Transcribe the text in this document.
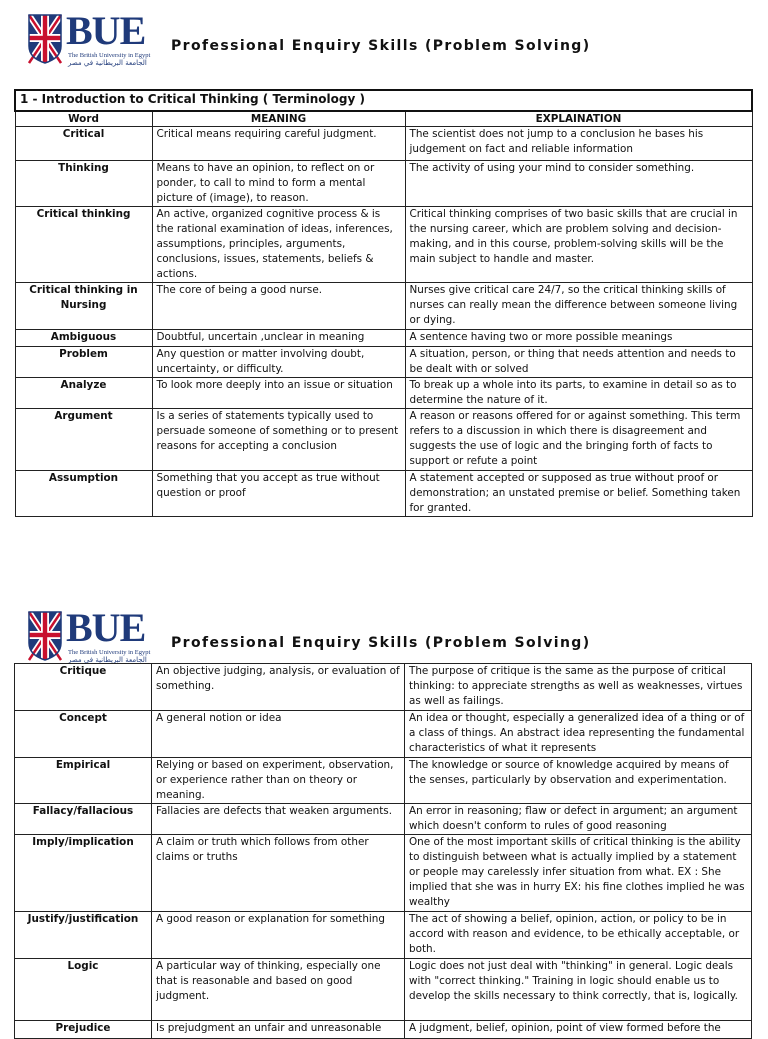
BUE
The British University in Egypt
الجامعة البريطانية في مصر
Professional Enquiry Skills (Problem Solving)
1 - Introduction to Critical Thinking ( Terminology )		
Word	MEANING	EXPLAINATION
Critical	Critical means requiring careful judgment.	The scientist does not jump to a conclusion he bases his judgement on fact and reliable information
Thinking	Means to have an opinion, to reflect on or ponder, to call to mind to form a mental picture of (image), to reason.	The activity of using your mind to consider something.
Critical thinking	An active, organized cognitive process & is the rational examination of ideas, inferences, assumptions, principles, arguments, conclusions, issues, statements, beliefs & actions.	Critical thinking comprises of two basic skills that are crucial in the nursing career, which are problem solving and decision-making, and in this course, problem-solving skills will be the main subject to handle and master.
Critical thinking in Nursing	The core of being a good nurse.	Nurses give critical care 24/7, so the critical thinking skills of nurses can really mean the difference between someone living or dying.
Ambiguous	Doubtful, uncertain ,unclear in meaning	A sentence having two or more possible meanings
Problem	Any question or matter involving doubt, uncertainty, or difficulty.	A situation, person, or thing that needs attention and needs to be dealt with or solved
Analyze	To look more deeply into an issue or situation	To break up a whole into its parts, to examine in detail so as to determine the nature of it.
Argument	Is a series of statements typically used to persuade someone of something or to present reasons for accepting a conclusion	A reason or reasons offered for or against something. This term refers to a discussion in which there is disagreement and suggests the use of logic and the bringing forth of facts to support or refute a point
Assumption	Something that you accept as true without question or proof	A statement accepted or supposed as true without proof or demonstration; an unstated premise or belief. Something taken for granted.
BUE
The British University in Egypt
الجامعة البريطانية في مصر
Professional Enquiry Skills (Problem Solving)
Critique	An objective judging, analysis, or evaluation of something.	The purpose of critique is the same as the purpose of critical thinking: to appreciate strengths as well as weaknesses, virtues as well as failings.
Concept	A general notion or idea	An idea or thought, especially a generalized idea of a thing or of a class of things. An abstract idea representing the fundamental characteristics of what it represents
Empirical	Relying or based on experiment, observation, or experience rather than on theory or meaning.	The knowledge or source of knowledge acquired by means of the senses, particularly by observation and experimentation.
Fallacy/fallacious	Fallacies are defects that weaken arguments.	An error in reasoning; flaw or defect in argument; an argument which doesn't conform to rules of good reasoning
Imply/implication	A claim or truth which follows from other claims or truths	One of the most important skills of critical thinking is the ability to distinguish between what is actually implied by a statement or people may carelessly infer situation from what. EX : She implied that she was in hurry EX: his fine clothes implied he was wealthy
Justify/justification	A good reason or explanation for something	The act of showing a belief, opinion, action, or policy to be in accord with reason and evidence, to be ethically acceptable, or both.
Logic	A particular way of thinking, especially one that is reasonable and based on good judgment.	Logic does not just deal with "thinking" in general. Logic deals with "correct thinking." Training in logic should enable us to develop the skills necessary to think correctly, that is, logically.
Prejudice	Is prejudgment an unfair and unreasonable	A judgment, belief, opinion, point of view formed before the
